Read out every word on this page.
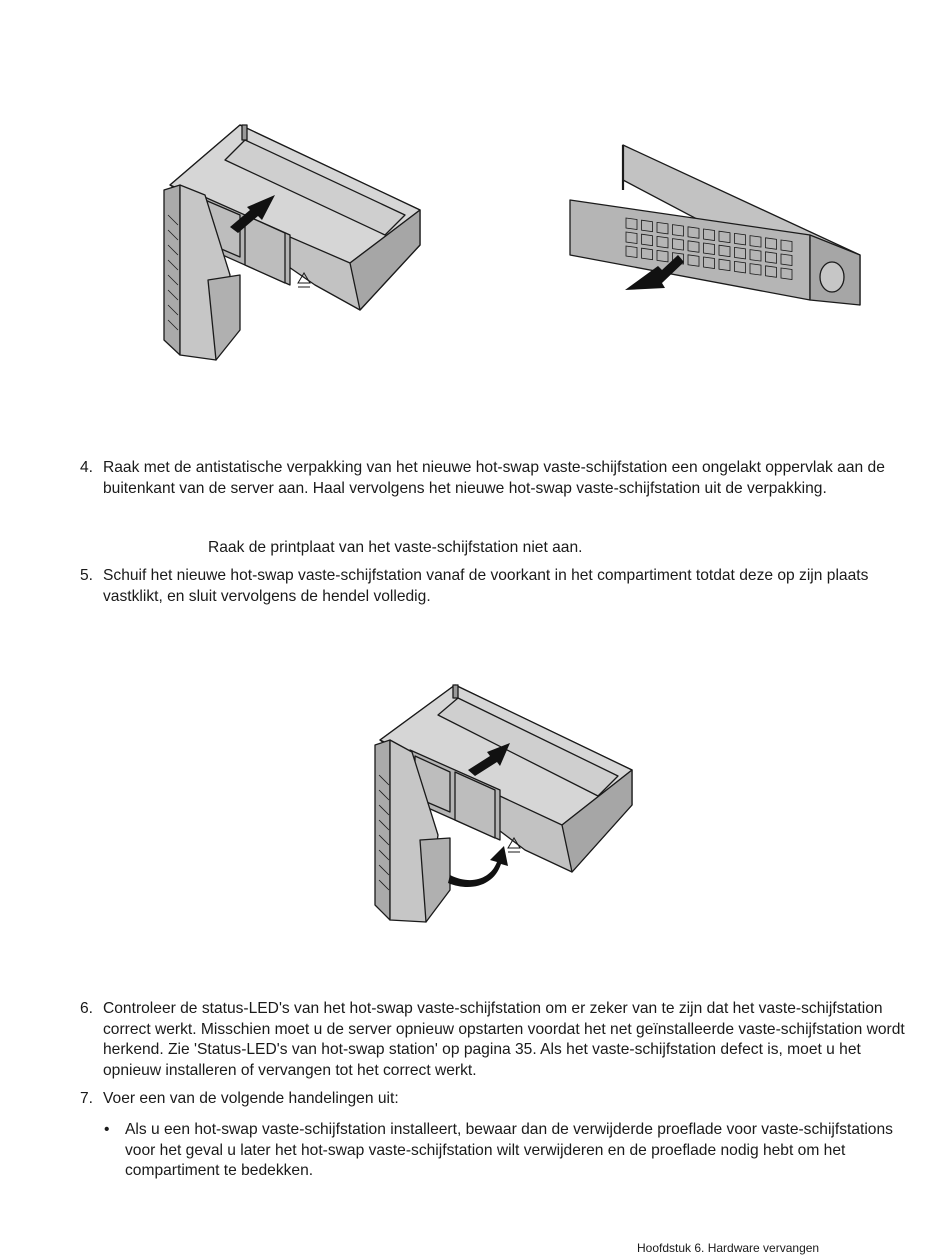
4. Raak met de antistatische verpakking van het nieuwe hot-swap vaste-schijfstation een ongelakt oppervlak aan de buitenkant van de server aan. Haal vervolgens het nieuwe hot-swap vaste-schijfstation uit de verpakking.
Raak de printplaat van het vaste-schijfstation niet aan.
5. Schuif het nieuwe hot-swap vaste-schijfstation vanaf de voorkant in het compartiment totdat deze op zijn plaats vastklikt, en sluit vervolgens de hendel volledig.
6. Controleer de status-LED's van het hot-swap vaste-schijfstation om er zeker van te zijn dat het vaste-schijfstation correct werkt. Misschien moet u de server opnieuw opstarten voordat het net geïnstalleerde vaste-schijfstation wordt herkend. Zie 'Status-LED's van hot-swap station' op pagina 35. Als het vaste-schijfstation defect is, moet u het opnieuw installeren of vervangen tot het correct werkt.
7. Voer een van de volgende handelingen uit:
• Als u een hot-swap vaste-schijfstation installeert, bewaar dan de verwijderde proeflade voor vaste-schijfstations voor het geval u later het hot-swap vaste-schijfstation wilt verwijderen en de proeflade nodig hebt om het compartiment te bedekken.
Hoofdstuk 6. Hardware vervangen
